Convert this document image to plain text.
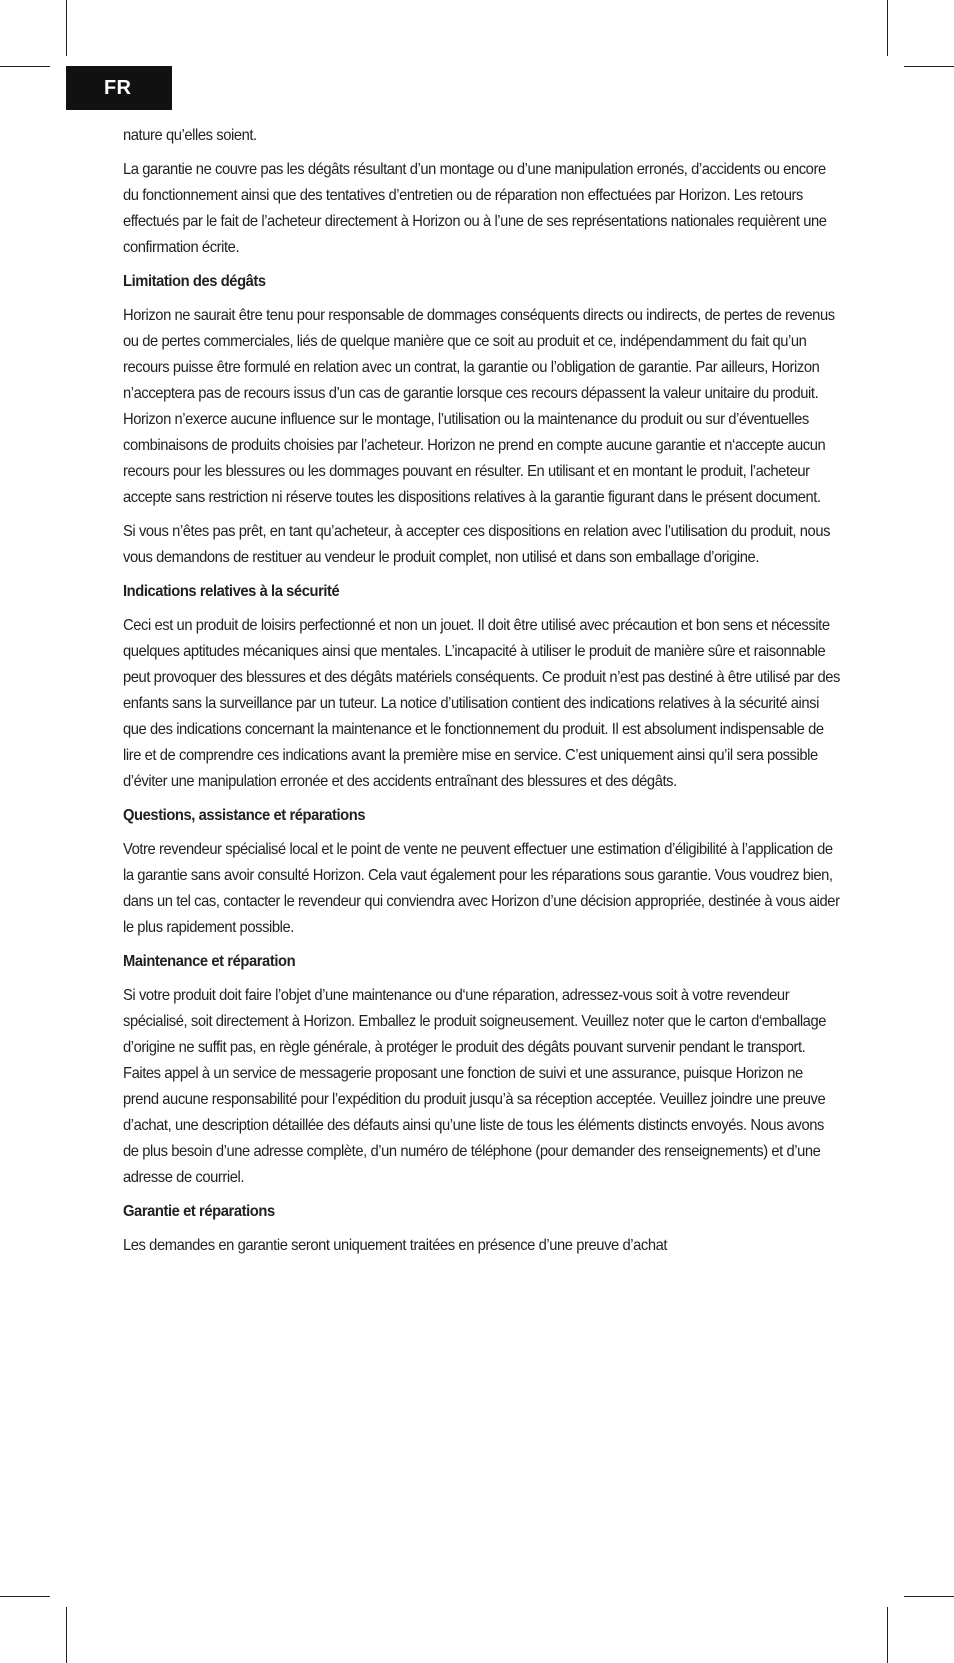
FR

nature qu’elles soient.

La garantie ne couvre pas les dégâts résultant d’un montage ou d’une manipulation erronés, d’accidents ou encore du fonctionnement ainsi que des tentatives d’entretien ou de réparation non effectuées par Horizon. Les retours effectués par le fait de l’acheteur directement à Horizon ou à l’une de ses représentations nationales requièrent une confirmation écrite.

Limitation des dégâts

Horizon ne saurait être tenu pour responsable de dommages conséquents directs ou indirects, de pertes de revenus ou de pertes commerciales, liés de quelque manière que ce soit au produit et ce, indépendamment du fait qu’un recours puisse être formulé en relation avec un contrat, la garantie ou l’obligation de garantie. Par ailleurs, Horizon n’acceptera pas de recours issus d’un cas de garantie lorsque ces recours dépassent la valeur unitaire du produit. Horizon n’exerce aucune influence sur le montage, l’utilisation ou la maintenance du produit ou sur d’éventuelles combinaisons de produits choisies par l’acheteur. Horizon ne prend en compte aucune garantie et n‘accepte aucun recours pour les blessures ou les dommages pouvant en résulter. En utilisant et en montant le produit, l’acheteur accepte sans restriction ni réserve toutes les dispositions relatives à la garantie figurant dans le présent document.

Si vous n’êtes pas prêt, en tant qu’acheteur, à accepter ces dispositions en relation avec l’utilisation du produit, nous vous demandons de restituer au vendeur le produit complet, non utilisé et dans son emballage d’origine.

Indications relatives à la sécurité

Ceci est un produit de loisirs perfectionné et non un jouet. Il doit être utilisé avec précaution et bon sens et nécessite quelques aptitudes mécaniques ainsi que mentales. L’incapacité à utiliser le produit de manière sûre et raisonnable peut provoquer des blessures et des dégâts matériels conséquents. Ce produit n’est pas destiné à être utilisé par des enfants sans la surveillance par un tuteur. La notice d’utilisation contient des indications relatives à la sécurité ainsi que des indications concernant la maintenance et le fonctionnement du produit. Il est absolument indispensable de lire et de comprendre ces indications avant la première mise en service. C’est uniquement ainsi qu’il sera possible d’éviter une manipulation erronée et des accidents entraînant des blessures et des dégâts.

Questions, assistance et réparations

Votre revendeur spécialisé local et le point de vente ne peuvent effectuer une estimation d’éligibilité à l’application de la garantie sans avoir consulté Horizon. Cela vaut également pour les réparations sous garantie. Vous voudrez bien, dans un tel cas, contacter le revendeur qui conviendra avec Horizon d’une décision appropriée, destinée à vous aider le plus rapidement possible.

Maintenance et réparation

Si votre produit doit faire l’objet d’une maintenance ou d‘une réparation, adressez-vous soit à votre revendeur spécialisé, soit directement à Horizon. Emballez le produit soigneusement. Veuillez noter que le carton d‘emballage d’origine ne suffit pas, en règle générale, à protéger le produit des dégâts pouvant survenir pendant le transport. Faites appel à un service de messagerie proposant une fonction de suivi et une assurance, puisque Horizon ne prend aucune responsabilité pour l’expédition du produit jusqu’à sa réception acceptée. Veuillez joindre une preuve d’achat, une description détaillée des défauts ainsi qu’une liste de tous les éléments distincts envoyés. Nous avons de plus besoin d’une adresse complète, d’un numéro de téléphone (pour demander des renseignements) et d’une adresse de courriel.

Garantie et réparations

Les demandes en garantie seront uniquement traitées en présence d’une preuve d’achat
